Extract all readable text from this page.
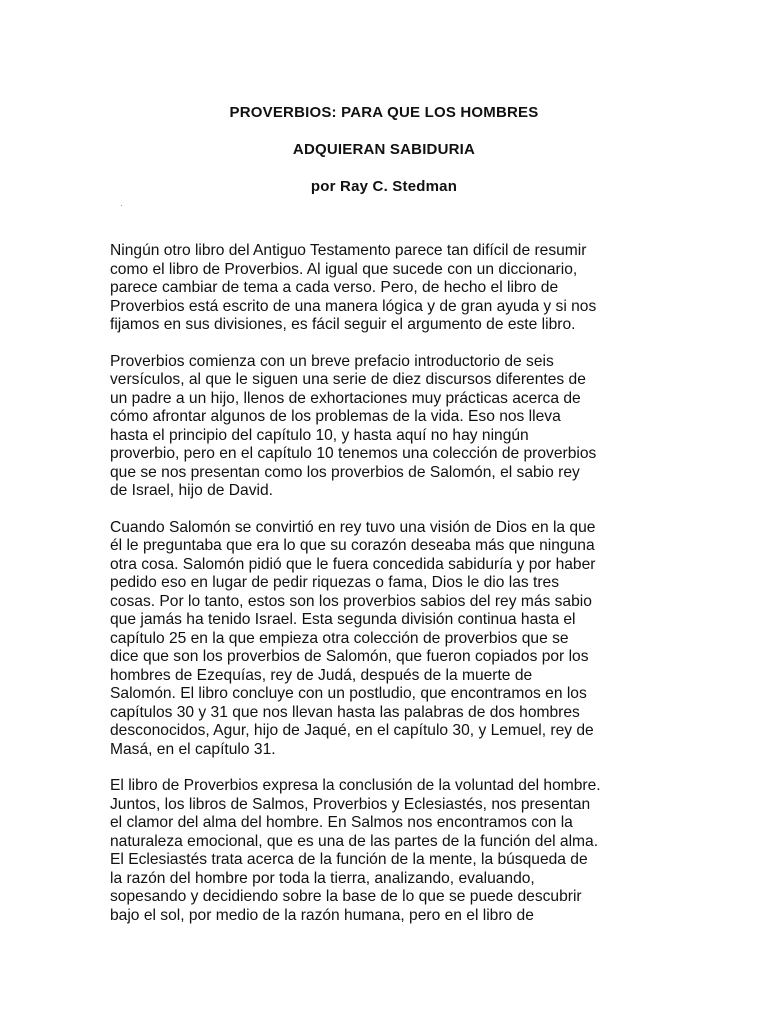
PROVERBIOS: PARA QUE LOS HOMBRES
ADQUIERAN SABIDURIA
por Ray C. Stedman
·

Ningún otro libro del Antiguo Testamento parece tan difícil de resumir
como el libro de Proverbios. Al igual que sucede con un diccionario,
parece cambiar de tema a cada verso. Pero, de hecho el libro de
Proverbios está escrito de una manera lógica y de gran ayuda y si nos
fijamos en sus divisiones, es fácil seguir el argumento de este libro.

Proverbios comienza con un breve prefacio introductorio de seis
versículos, al que le siguen una serie de diez discursos diferentes de
un padre a un hijo, llenos de exhortaciones muy prácticas acerca de
cómo afrontar algunos de los problemas de la vida. Eso nos lleva
hasta el principio del capítulo 10, y hasta aquí no hay ningún
proverbio, pero en el capítulo 10 tenemos una colección de proverbios
que se nos presentan como los proverbios de Salomón, el sabio rey
de Israel, hijo de David.

Cuando Salomón se convirtió en rey tuvo una visión de Dios en la que
él le preguntaba que era lo que su corazón deseaba más que ninguna
otra cosa. Salomón pidió que le fuera concedida sabiduría y por haber
pedido eso en lugar de pedir riquezas o fama, Dios le dio las tres
cosas. Por lo tanto, estos son los proverbios sabios del rey más sabio
que jamás ha tenido Israel. Esta segunda división continua hasta el
capítulo 25 en la que empieza otra colección de proverbios que se
dice que son los proverbios de Salomón, que fueron copiados por los
hombres de Ezequías, rey de Judá, después de la muerte de
Salomón. El libro concluye con un postludio, que encontramos en los
capítulos 30 y 31 que nos llevan hasta las palabras de dos hombres
desconocidos, Agur, hijo de Jaqué, en el capítulo 30, y Lemuel, rey de
Masá, en el capítulo 31.

El libro de Proverbios expresa la conclusión de la voluntad del hombre.
Juntos, los libros de Salmos, Proverbios y Eclesiastés, nos presentan
el clamor del alma del hombre. En Salmos nos encontramos con la
naturaleza emocional, que es una de las partes de la función del alma.
El Eclesiastés trata acerca de la función de la mente, la búsqueda de
la razón del hombre por toda la tierra, analizando, evaluando,
sopesando y decidiendo sobre la base de lo que se puede descubrir
bajo el sol, por medio de la razón humana, pero en el libro de
